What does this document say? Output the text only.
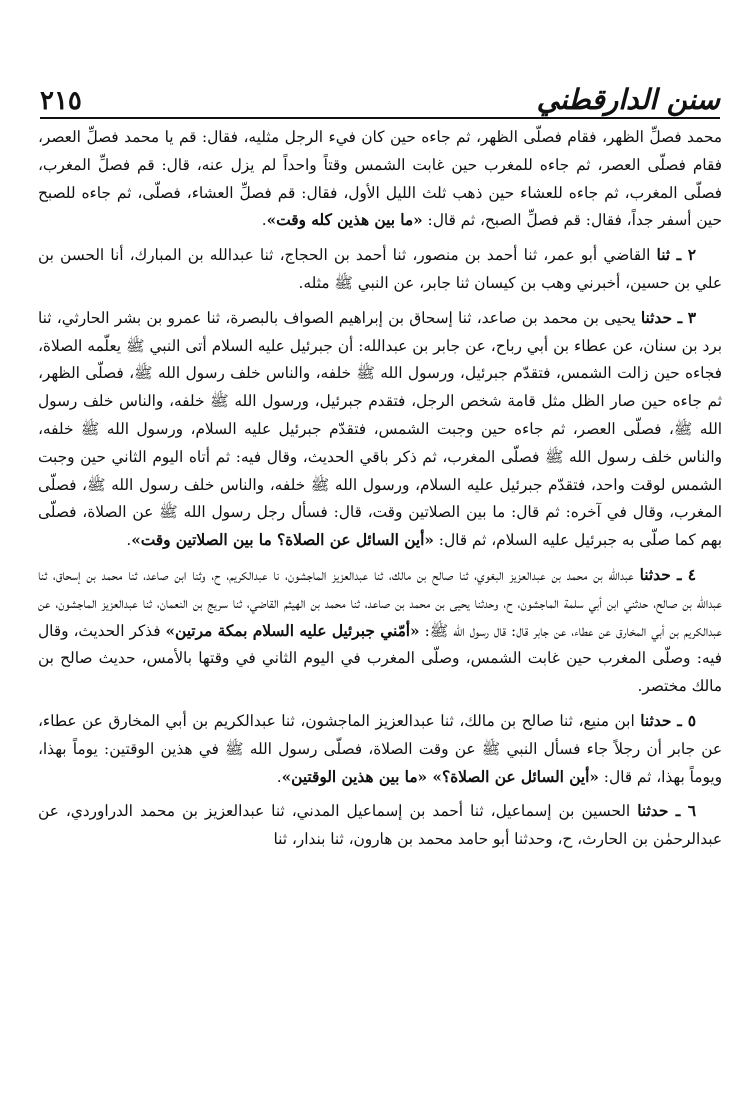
٢١٥	سنن الدارقطني

محمد فصلِّ الظهر، فقام فصلّى الظهر، ثم جاءه حين كان فيء الرجل مثليه، فقال: قم يا محمد فصلِّ العصر، فقام فصلّى العصر، ثم جاءه للمغرب حين غابت الشمس وقتاً واحداً لم يزل عنه، قال: قم فصلِّ المغرب، فصلّى المغرب، ثم جاءه للعشاء حين ذهب ثلث الليل الأول، فقال: قم فصلِّ العشاء، فصلّى، ثم جاءه للصبح حين أسفر جداً، فقال: قم فصلِّ الصبح، ثم قال: «ما بين هذين كله وقت».

٢ ـ ثنا القاضي أبو عمر، ثنا أحمد بن منصور، ثنا أحمد بن الحجاج، ثنا عبدالله بن المبارك، أنا الحسن بن علي بن حسين، أخبرني وهب بن كيسان ثنا جابر، عن النبي ﷺ مثله.

٣ ـ حدثنا يحيى بن محمد بن صاعد، ثنا إسحاق بن إبراهيم الصواف بالبصرة، ثنا عمرو بن بشر الحارثي، ثنا برد بن سنان، عن عطاء بن أبي رباح، عن جابر بن عبدالله: أن جبرئيل عليه السلام أتى النبي ﷺ يعلّمه الصلاة، فجاءه حين زالت الشمس، فتقدّم جبرئيل، ورسول الله ﷺ خلفه، والناس خلف رسول الله ﷺ، فصلّى الظهر، ثم جاءه حين صار الظل مثل قامة شخص الرجل، فتقدم جبرئيل، ورسول الله ﷺ خلفه، والناس خلف رسول الله ﷺ، فصلّى العصر، ثم جاءه حين وجبت الشمس، فتقدّم جبرئيل عليه السلام، ورسول الله ﷺ خلفه، والناس خلف رسول الله ﷺ فصلّى المغرب، ثم ذكر باقي الحديث، وقال فيه: ثم أتاه اليوم الثاني حين وجبت الشمس لوقت واحد، فتقدّم جبرئيل عليه السلام، ورسول الله ﷺ خلفه، والناس خلف رسول الله ﷺ، فصلّى المغرب، وقال في آخره: ثم قال: ما بين الصلاتين وقت، قال: فسأل رجل رسول الله ﷺ عن الصلاة، فصلّى بهم كما صلّى به جبرئيل عليه السلام، ثم قال: «أين السائل عن الصلاة؟ ما بين الصلاتين وقت».

٤ ـ حدثنا عبدالله بن محمد بن عبدالعزيز البغوي، ثنا صالح بن مالك، ثنا عبدالعزيز الماجشون، نا عبدالكريم، ح، وثنا ابن صاعد، ثنا محمد بن إسحاق، ثنا عبدالله بن صالح، حدثني ابن أبي سلمة الماجشون، ح، وحدثنا يحيى بن محمد بن صاعد، ثنا محمد بن الهيثم القاضي، ثنا سريج بن النعمان، ثنا عبدالعزيز الماجشون، عن عبدالكريم بن أبي المخارق عن عطاء، عن جابر قال: قال رسول الله ﷺ: «أمّني جبرئيل عليه السلام بمكة مرتين» فذكر الحديث، وقال فيه: وصلّى المغرب حين غابت الشمس، وصلّى المغرب في اليوم الثاني في وقتها بالأمس، حديث صالح بن مالك مختصر.

٥ ـ حدثنا ابن منيع، ثنا صالح بن مالك، ثنا عبدالعزيز الماجشون، ثنا عبدالكريم بن أبي المخارق عن عطاء، عن جابر أن رجلاً جاء فسأل النبي ﷺ عن وقت الصلاة، فصلّى رسول الله ﷺ في هذين الوقتين: يوماً بهذا، ويوماً بهذا، ثم قال: «أين السائل عن الصلاة؟» «ما بين هذين الوقتين».

٦ ـ حدثنا الحسين بن إسماعيل، ثنا أحمد بن إسماعيل المدني، ثنا عبدالعزيز بن محمد الدراوردي، عن عبدالرحمٰن بن الحارث، ح، وحدثنا أبو حامد محمد بن هارون، ثنا بندار، ثنا
